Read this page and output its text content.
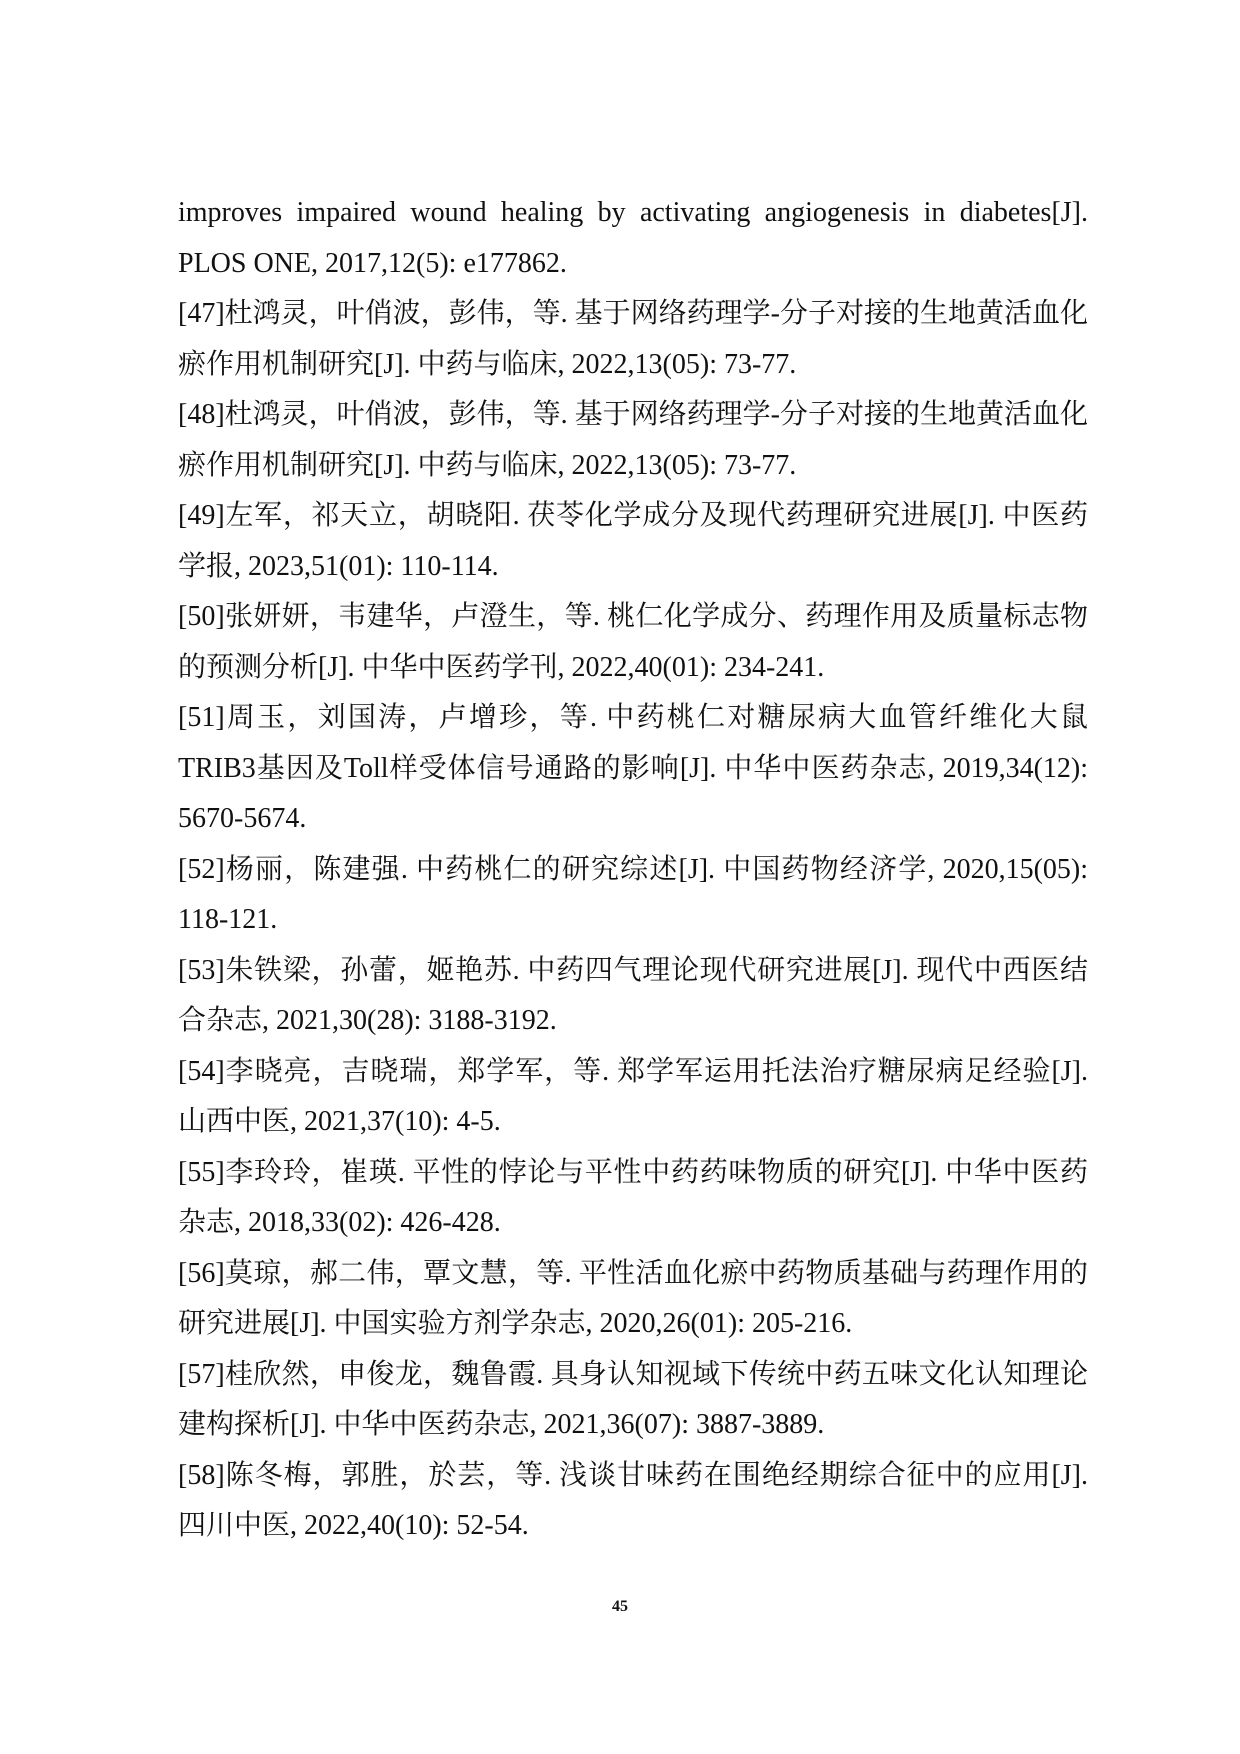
improves impaired wound healing by activating angiogenesis in diabetes[J]. PLOS ONE, 2017,12(5): e177862.

[47]杜鸿灵，叶俏波，彭伟，等. 基于网络药理学-分子对接的生地黄活血化瘀作用机制研究[J]. 中药与临床, 2022,13(05): 73-77.

[48]杜鸿灵，叶俏波，彭伟，等. 基于网络药理学-分子对接的生地黄活血化瘀作用机制研究[J]. 中药与临床, 2022,13(05): 73-77.

[49]左军，祁天立，胡晓阳. 茯苓化学成分及现代药理研究进展[J]. 中医药学报, 2023,51(01): 110-114.

[50]张妍妍，韦建华，卢澄生，等. 桃仁化学成分、药理作用及质量标志物的预测分析[J]. 中华中医药学刊, 2022,40(01): 234-241.

[51]周玉，刘国涛，卢增珍，等. 中药桃仁对糖尿病大血管纤维化大鼠TRIB3基因及Toll样受体信号通路的影响[J]. 中华中医药杂志, 2019,34(12): 5670-5674.

[52]杨丽，陈建强. 中药桃仁的研究综述[J]. 中国药物经济学, 2020,15(05): 118-121.

[53]朱铁梁，孙蕾，姬艳苏. 中药四气理论现代研究进展[J]. 现代中西医结合杂志, 2021,30(28): 3188-3192.

[54]李晓亮，吉晓瑞，郑学军，等. 郑学军运用托法治疗糖尿病足经验[J]. 山西中医, 2021,37(10): 4-5.

[55]李玲玲，崔瑛. 平性的悖论与平性中药药味物质的研究[J]. 中华中医药杂志, 2018,33(02): 426-428.

[56]莫琼，郝二伟，覃文慧，等. 平性活血化瘀中药物质基础与药理作用的研究进展[J]. 中国实验方剂学杂志, 2020,26(01): 205-216.

[57]桂欣然，申俊龙，魏鲁霞. 具身认知视域下传统中药五味文化认知理论建构探析[J]. 中华中医药杂志, 2021,36(07): 3887-3889.

[58]陈冬梅，郭胜，於芸，等. 浅谈甘味药在围绝经期综合征中的应用[J]. 四川中医, 2022,40(10): 52-54.

45
